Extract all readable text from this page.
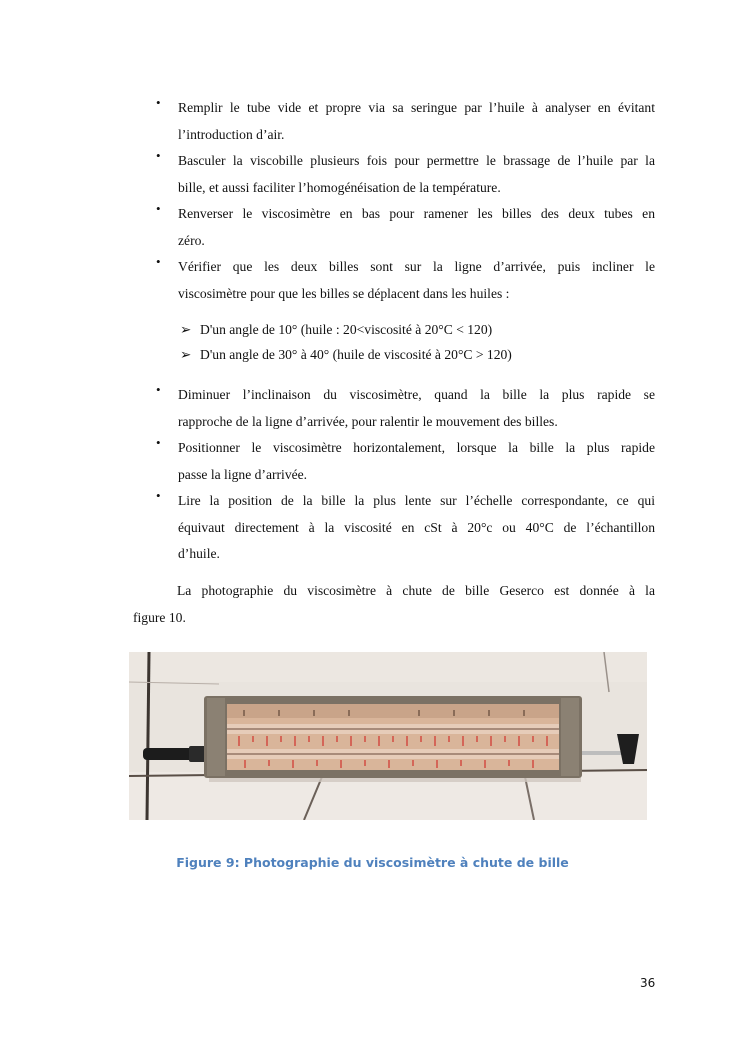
• Remplir le tube vide et propre via sa seringue par l’huile à analyser en évitant
l’introduction d’air.
• Basculer la viscobille plusieurs fois pour permettre le brassage de l’huile par la
bille, et aussi faciliter l’homogénéisation de la température.
• Renverser le viscosimètre en bas pour ramener les billes des deux tubes en
zéro.
• Vérifier que les deux billes sont sur la ligne d’arrivée, puis incliner le
viscosimètre pour que les billes se déplacent dans les huiles :
➢ D'un angle de 10° (huile : 20<viscosité à 20°C < 120)
➢ D'un angle de 30° à 40° (huile de viscosité à 20°C > 120)
• Diminuer l’inclinaison du viscosimètre, quand la bille la plus rapide se
rapproche de la ligne d’arrivée, pour ralentir le mouvement des billes.
• Positionner le viscosimètre horizontalement, lorsque la bille la plus rapide
passe la ligne d’arrivée.
• Lire la position de la bille la plus lente sur l’échelle correspondante, ce qui
équivaut directement à la viscosité en cSt à 20°c ou 40°C de l’échantillon
d’huile.
La photographie du viscosimètre à chute de bille Geserco est donnée à la
figure 10.
Figure 9: Photographie du viscosimètre à chute de bille
36
